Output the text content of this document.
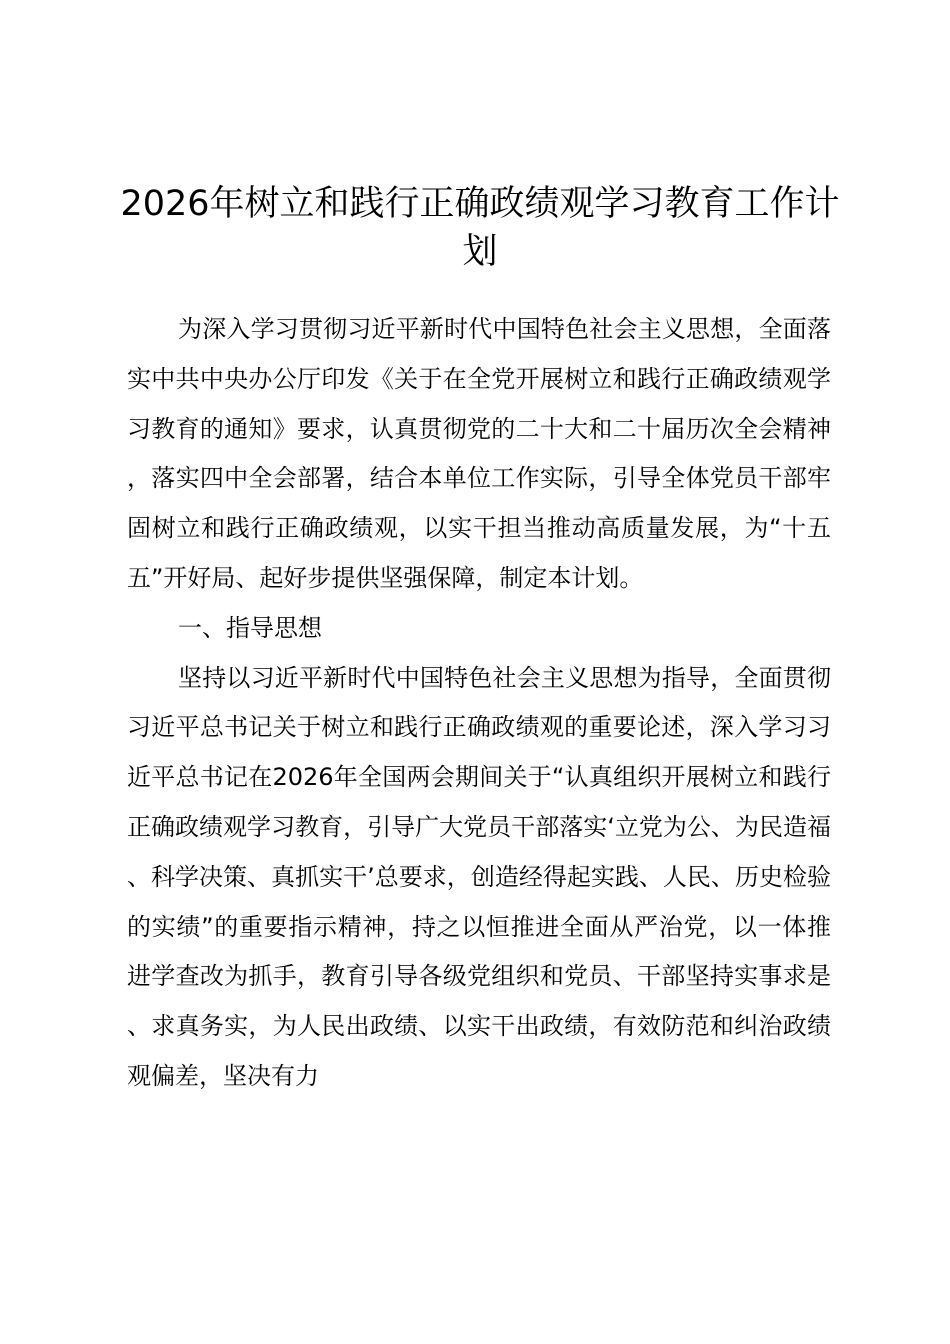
2026年树立和践行正确政绩观学习教育工作计划

为深入学习贯彻习近平新时代中国特色社会主义思想，全面落实中共中央办公厅印发《关于在全党开展树立和践行正确政绩观学习教育的通知》要求，认真贯彻党的二十大和二十届历次全会精神，落实四中全会部署，结合本单位工作实际，引导全体党员干部牢固树立和践行正确政绩观，以实干担当推动高质量发展，为“十五五”开好局、起好步提供坚强保障，制定本计划。

一、指导思想

坚持以习近平新时代中国特色社会主义思想为指导，全面贯彻习近平总书记关于树立和践行正确政绩观的重要论述，深入学习习近平总书记在2026年全国两会期间关于“认真组织开展树立和践行正确政绩观学习教育，引导广大党员干部落实‘立党为公、为民造福、科学决策、真抓实干’总要求，创造经得起实践、人民、历史检验的实绩”的重要指示精神，持之以恒推进全面从严治党，以一体推进学查改为抓手，教育引导各级党组织和党员、干部坚持实事求是、求真务实，为人民出政绩、以实干出政绩，有效防范和纠治政绩观偏差，坚决有力
